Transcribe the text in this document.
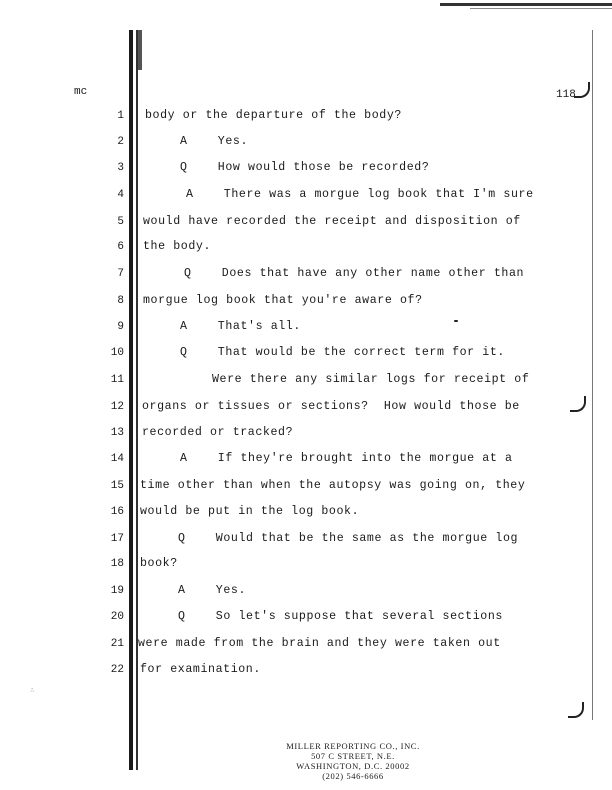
mc	118
∴
1 body or the departure of the body?
2	A    Yes.
3	Q    How would those be recorded?
4	A    There was a morgue log book that I'm sure
5 would have recorded the receipt and disposition of
6 the body.
7	Q    Does that have any other name other than
8 morgue log book that you're aware of?
9	A    That's all.
10	Q    That would be the correct term for it.
11	Were there any similar logs for receipt of
12 organs or tissues or sections?  How would those be
13 recorded or tracked?
14	A    If they're brought into the morgue at a
15 time other than when the autopsy was going on, they
16 would be put in the log book.
17	Q    Would that be the same as the morgue log
18 book?
19	A    Yes.
20	Q    So let's suppose that several sections
21 were made from the brain and they were taken out
22 for examination.
MILLER REPORTING CO., INC.
507 C STREET, N.E.
WASHINGTON, D.C. 20002
(202) 546-6666
